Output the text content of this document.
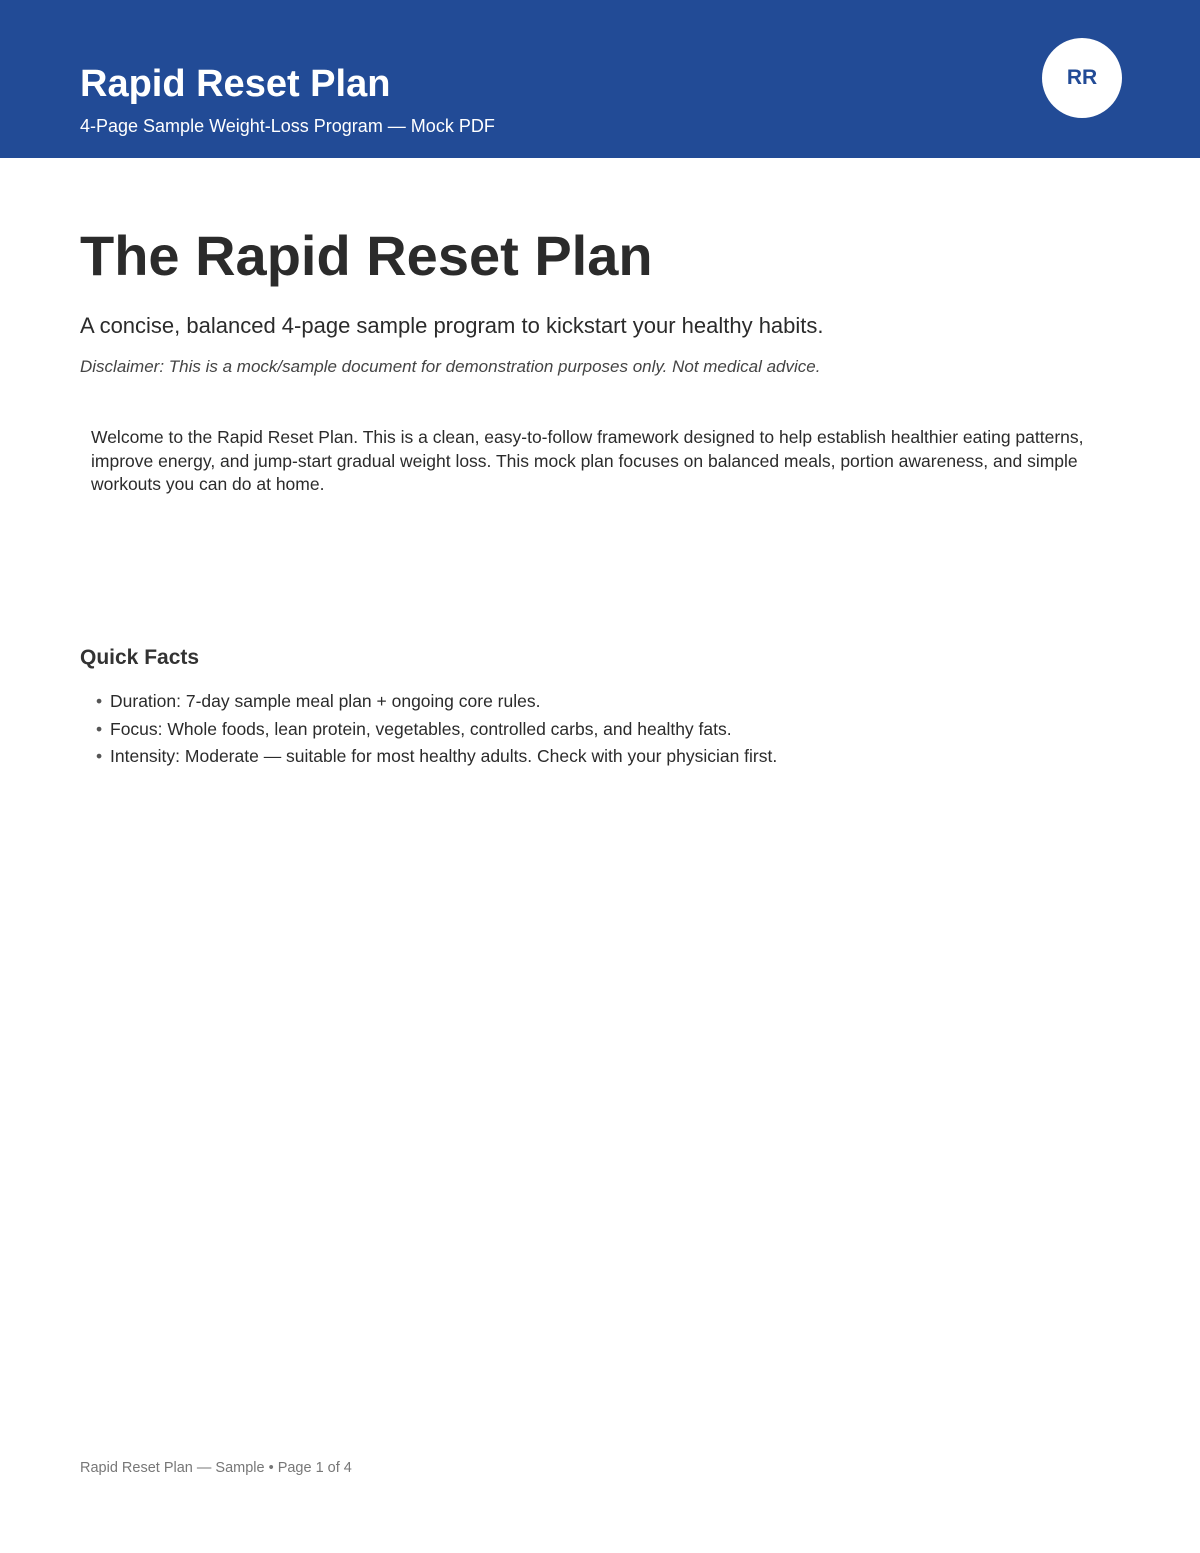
Rapid Reset Plan
4-Page Sample Weight-Loss Program — Mock PDF
RR
The Rapid Reset Plan
A concise, balanced 4-page sample program to kickstart your healthy habits.
Disclaimer: This is a mock/sample document for demonstration purposes only. Not medical advice.

Welcome to the Rapid Reset Plan. This is a clean, easy-to-follow framework designed to help establish healthier eating patterns, improve energy, and jump-start gradual weight loss. This mock plan focuses on balanced meals, portion awareness, and simple workouts you can do at home.

Quick Facts
• Duration: 7-day sample meal plan + ongoing core rules.
• Focus: Whole foods, lean protein, vegetables, controlled carbs, and healthy fats.
• Intensity: Moderate — suitable for most healthy adults. Check with your physician first.
Rapid Reset Plan — Sample • Page 1 of 4
